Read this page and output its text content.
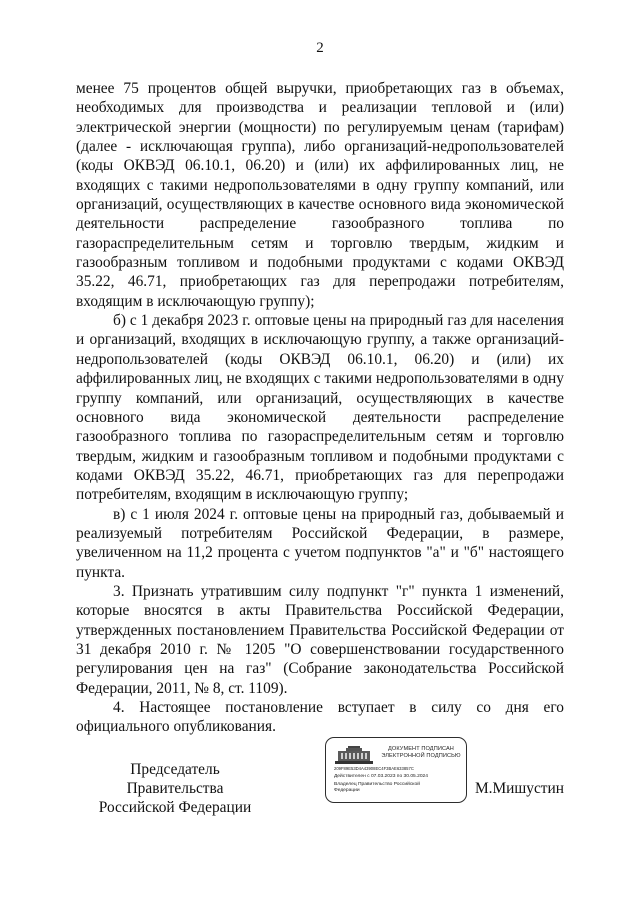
2

менее 75 процентов общей выручки, приобретающих газ в объемах, необходимых для производства и реализации тепловой и (или) электрической энергии (мощности) по регулируемым ценам (тарифам) (далее - исключающая группа), либо организаций-недропользователей (коды ОКВЭД 06.10.1, 06.20) и (или) их аффилированных лиц, не входящих с такими недропользователями в одну группу компаний, или организаций, осуществляющих в качестве основного вида экономической деятельности распределение газообразного топлива по газораспределительным сетям и торговлю твердым, жидким и газообразным топливом и подобными продуктами с кодами ОКВЭД 35.22, 46.71, приобретающих газ для перепродажи потребителям, входящим в исключающую группу);

б) с 1 декабря 2023 г. оптовые цены на природный газ для населения и организаций, входящих в исключающую группу, а также организаций-недропользователей (коды ОКВЭД 06.10.1, 06.20) и (или) их аффилированных лиц, не входящих с такими недропользователями в одну группу компаний, или организаций, осуществляющих в качестве основного вида экономической деятельности распределение газообразного топлива по газораспределительным сетям и торговлю твердым, жидким и газообразным топливом и подобными продуктами с кодами ОКВЭД 35.22, 46.71, приобретающих газ для перепродажи потребителям, входящим в исключающую группу;

в) с 1 июля 2024 г. оптовые цены на природный газ, добываемый и реализуемый потребителям Российской Федерации, в размере, увеличенном на 11,2 процента с учетом подпунктов "а" и "б" настоящего пункта.

3. Признать утратившим силу подпункт "г" пункта 1 изменений, которые вносятся в акты Правительства Российской Федерации, утвержденных постановлением Правительства Российской Федерации от 31 декабря 2010 г. № 1205 "О совершенствовании государственного регулирования цен на газ" (Собрание законодательства Российской Федерации, 2011, № 8, ст. 1109).

4. Настоящее постановление вступает в силу со дня его официального опубликования.

Председатель Правительства
Российской Федерации
ДОКУМЕНТ ПОДПИСАН
ЭЛЕКТРОННОЙ ПОДПИСЬЮ
209F89E53D4A43908EC4F3BAE633857C
Действителен с 07.03.2023 по 30.05.2024
Владелец Правительство Российской
Федерации	М.Мишустин
